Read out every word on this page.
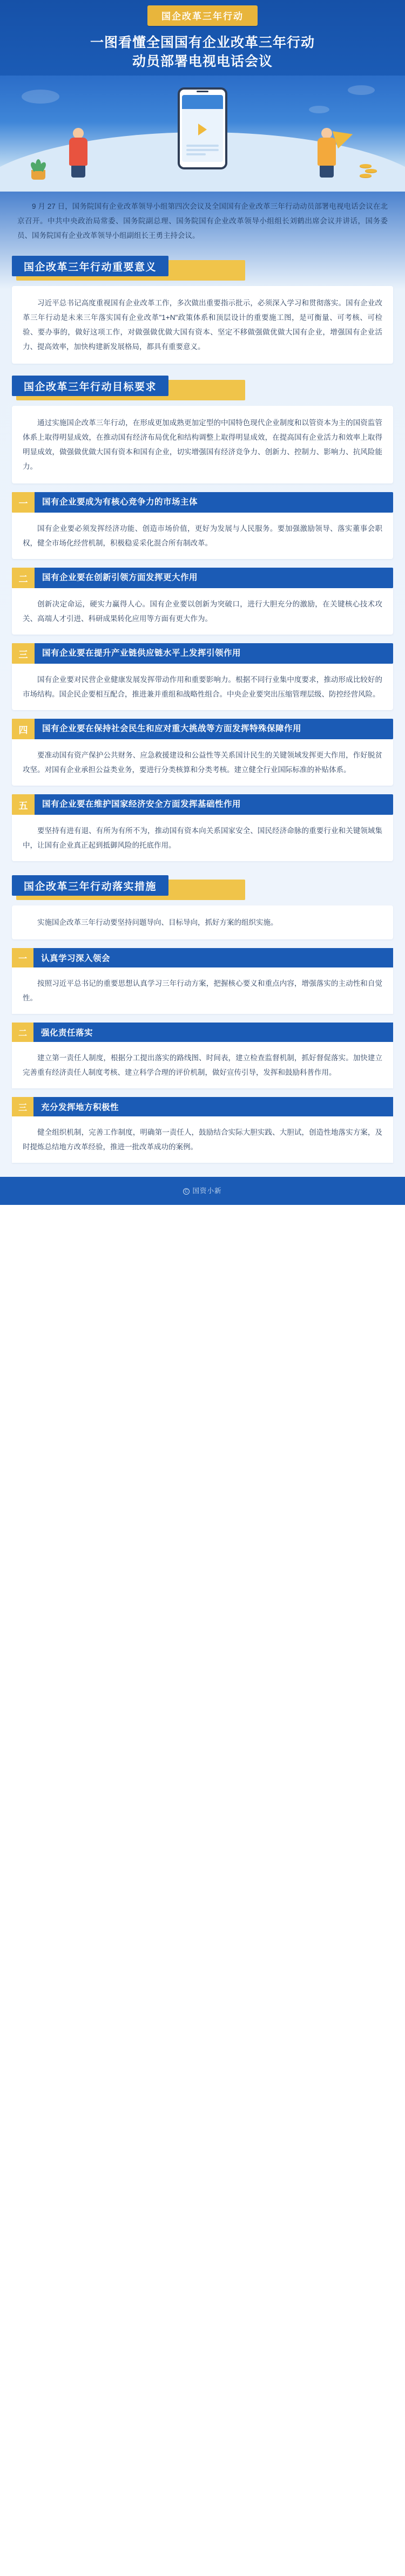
国企改革三年行动
一图看懂全国国有企业改革三年行动
动员部署电视电话会议
9 月 27 日，国务院国有企业改革领导小组第四次会议及全国国有企业改革三年行动动员部署电视电话会议在北京召开。中共中央政治局常委、国务院副总理、国务院国有企业改革领导小组组长刘鹤出席会议并讲话，国务委员、国务院国有企业改革领导小组副组长王勇主持会议。
国企改革三年行动重要意义
习近平总书记高度重视国有企业改革工作，多次做出重要指示批示，必须深入学习和贯彻落实。国有企业改革三年行动是未来三年落实国有企业改革"1+N"政策体系和顶层设计的重要施工图，是可衡量、可考核、可检验、要办事的，做好这项工作，对做强做优做大国有资本、坚定不移做强做优做大国有企业，增强国有企业活力、提高效率，加快构建新发展格局，都具有重要意义。
国企改革三年行动目标要求
通过实施国企改革三年行动，在形成更加成熟更加定型的中国特色现代企业制度和以管资本为主的国资监管体系上取得明显成效，在推动国有经济布局优化和结构调整上取得明显成效，在提高国有企业活力和效率上取得明显成效，做强做优做大国有资本和国有企业，切实增强国有经济竞争力、创新力、控制力、影响力、抗风险能力。
一	国有企业要成为有核心竞争力的市场主体
国有企业要必须发挥经济功能、创造市场价值，更好为发展与人民服务。要加强激励领导、落实董事会职权，健全市场化经营机制，积极稳妥采化混合所有制改革。
二	国有企业要在创新引领方面发挥更大作用
创新决定命运，硬实力赢得人心。国有企业要以创新为突破口，进行大胆充分的激励，在关键核心技术攻关、高端人才引进、科研成果转化应用等方面有更大作为。
三	国有企业要在提升产业链供应链水平上发挥引领作用
国有企业要对民营企业健康发展发挥带动作用和重要影响力。根据不同行业集中度要求，推动形成比较好的市场结构。国企民企要相互配合，推进兼并重组和战略性组合。中央企业要突出压缩管理层级、防控经营风险。
四	国有企业要在保持社会民生和应对重大挑战等方面发挥特殊保障作用
要准动国有资产保护公共财务、应急救援建设和公益性等关系国计民生的关键领域发挥更大作用，作好脱贫攻坚。对国有企业承担公益类业务，要进行分类核算和分类考核。建立健全行业国际标准的补贴体系。
五	国有企业要在维护国家经济安全方面发挥基础性作用
要坚持有进有退、有所为有所不为，推动国有资本向关系国家安全、国民经济命脉的重要行业和关键领域集中，让国有企业真正起到抵御风险的托底作用。
国企改革三年行动落实措施
实施国企改革三年行动要坚持问题导向、目标导向，抓好方案的组织实施。
一	认真学习深入领会
按照习近平总书记的重要思想认真学习三年行动方案，把握核心要义和重点内容，增强落实的主动性和自觉性。
二	强化责任落实
建立第一责任人制度，根据分工提出落实的路线图、时间表，建立检查监督机制，抓好督促落实。加快建立完善重有经济责任人制度考核、建立科学合理的评价机制，做好宣传引导，发挥和鼓励科普作用。
三	充分发挥地方积极性
健全组织机制，完善工作制度，明确第一责任人，鼓励结合实际大胆实践、大胆试，创造性地落实方案，及时提炼总结地方改革经验，推进一批改革成功的案例。
C 国资小新
